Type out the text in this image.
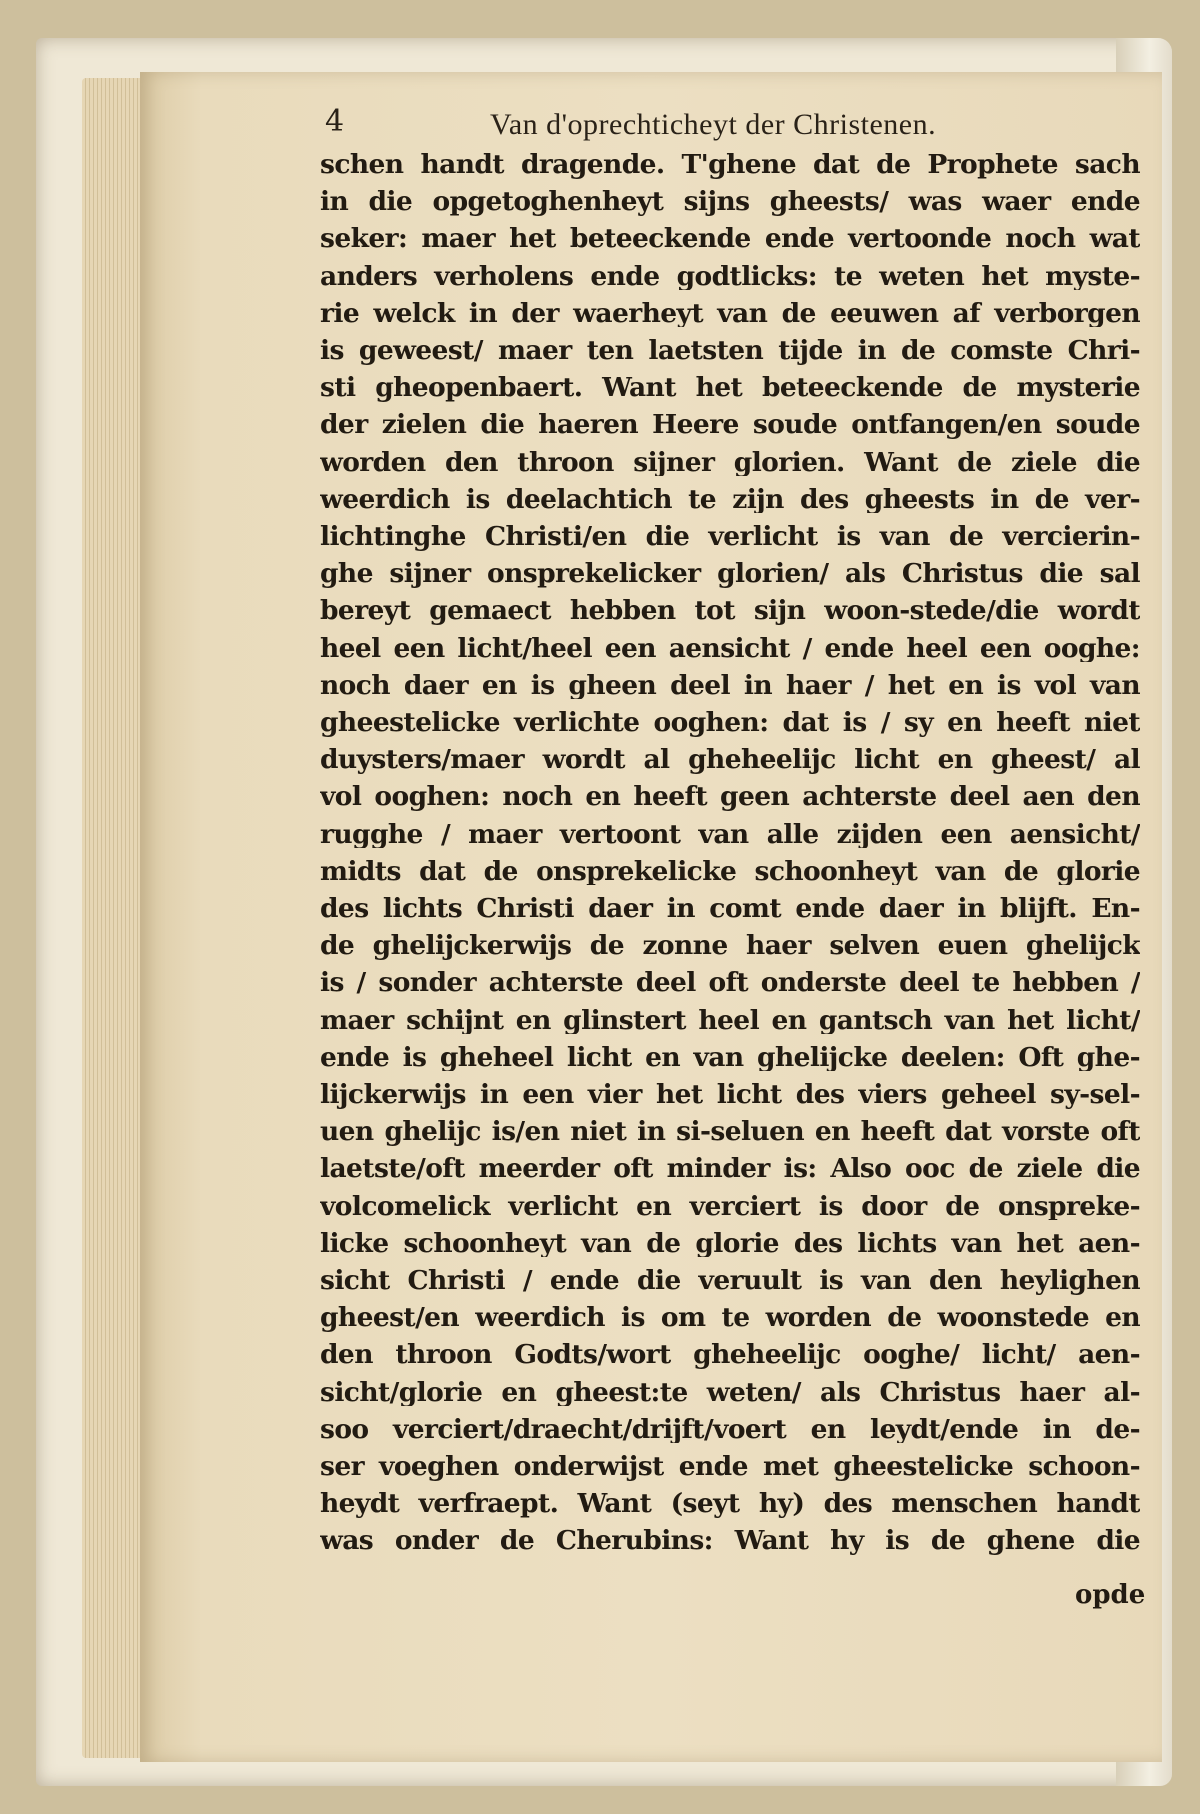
4	Van d'oprechticheyt der Christenen.
schen handt dragende. T'ghene dat de Prophete sach
in die opgetoghenheyt sijns gheests/ was waer ende
seker: maer het beteeckende ende vertoonde noch wat
anders verholens ende godtlicks: te weten het myste-
rie welck in der waerheyt van de eeuwen af verborgen
is geweest/ maer ten laetsten tijde in de comste Chri-
sti gheopenbaert. Want het beteeckende de mysterie
der zielen die haeren Heere soude ontfangen/en soude
worden den throon sijner glorien. Want de ziele die
weerdich is deelachtich te zijn des gheests in de ver-
lichtinghe Christi/en die verlicht is van de vercierin-
ghe sijner onsprekelicker glorien/ als Christus die sal
bereyt gemaect hebben tot sijn woon-stede/die wordt
heel een licht/heel een aensicht / ende heel een ooghe:
noch daer en is gheen deel in haer / het en is vol van
gheestelicke verlichte ooghen: dat is / sy en heeft niet
duysters/maer wordt al gheheelijc licht en gheest/ al
vol ooghen: noch en heeft geen achterste deel aen den
rugghe / maer vertoont van alle zijden een aensicht/
midts dat de onsprekelicke schoonheyt van de glorie
des lichts Christi daer in comt ende daer in blijft. En-
de ghelijckerwijs de zonne haer selven euen ghelijck
is / sonder achterste deel oft onderste deel te hebben /
maer schijnt en glinstert heel en gantsch van het licht/
ende is gheheel licht en van ghelijcke deelen: Oft ghe-
lijckerwijs in een vier het licht des viers geheel sy-sel-
uen ghelijc is/en niet in si-seluen en heeft dat vorste oft
laetste/oft meerder oft minder is: Also ooc de ziele die
volcomelick verlicht en verciert is door de onspreke-
licke schoonheyt van de glorie des lichts van het aen-
sicht Christi / ende die veruult is van den heylighen
gheest/en weerdich is om te worden de woonstede en
den throon Godts/wort gheheelijc ooghe/ licht/ aen-
sicht/glorie en gheest:te weten/ als Christus haer al-
soo verciert/draecht/drijft/voert en leydt/ende in de-
ser voeghen onderwijst ende met gheestelicke schoon-
heydt verfraept. Want (seyt hy) des menschen handt
was onder de Cherubins: Want hy is de ghene die
opde
